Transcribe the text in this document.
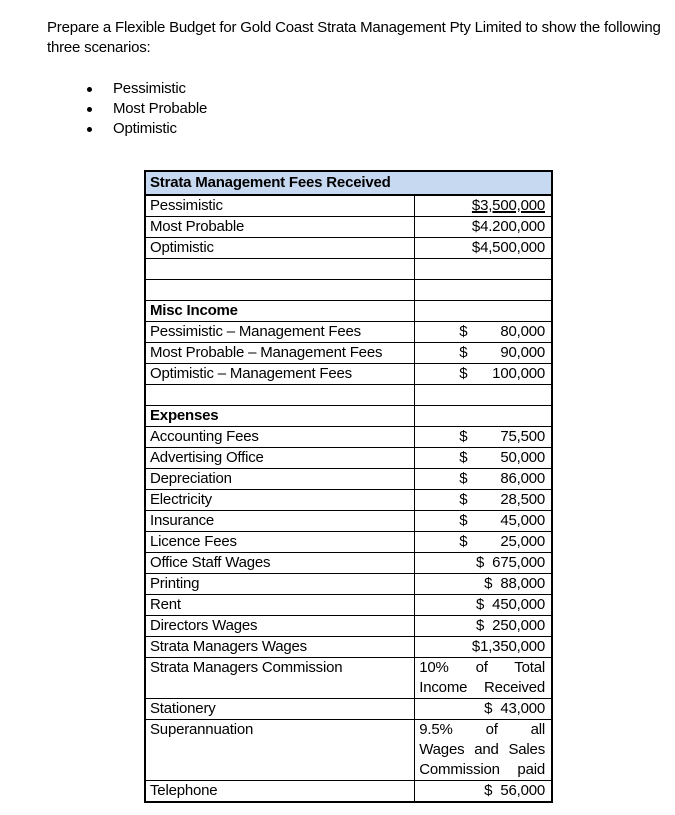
Prepare a Flexible Budget for Gold Coast Strata Management Pty Limited to show the following three scenarios:
Pessimistic
Most Probable
Optimistic
Strata Management Fees Received	
Pessimistic	$3,500,000
Most Probable	$4.200,000
Optimistic	$4,500,000

Misc Income	
Pessimistic – Management Fees	$ 80,000

Most Probable – Management Fees	$ 90,000

Optimistic – Management Fees	$ 100,000

Expenses	
Accounting Fees	$ 75,500

Advertising Office	$ 50,000

Depreciation	$ 86,000

Electricity	$ 28,500

Insurance	$ 45,000

Licence Fees	$ 25,000

Office Staff Wages	$ 675,000

Printing	$ 88,000

Rent	$ 450,000

Directors Wages	$ 250,000

Strata Managers Wages	$1,350,000
Strata Managers Commission	10%   of   Total
Income Received

Stationery	$ 43,000

Superannuation	9.5%    of    all
Wages and Sales
Commission paid

Telephone	$ 56,000
